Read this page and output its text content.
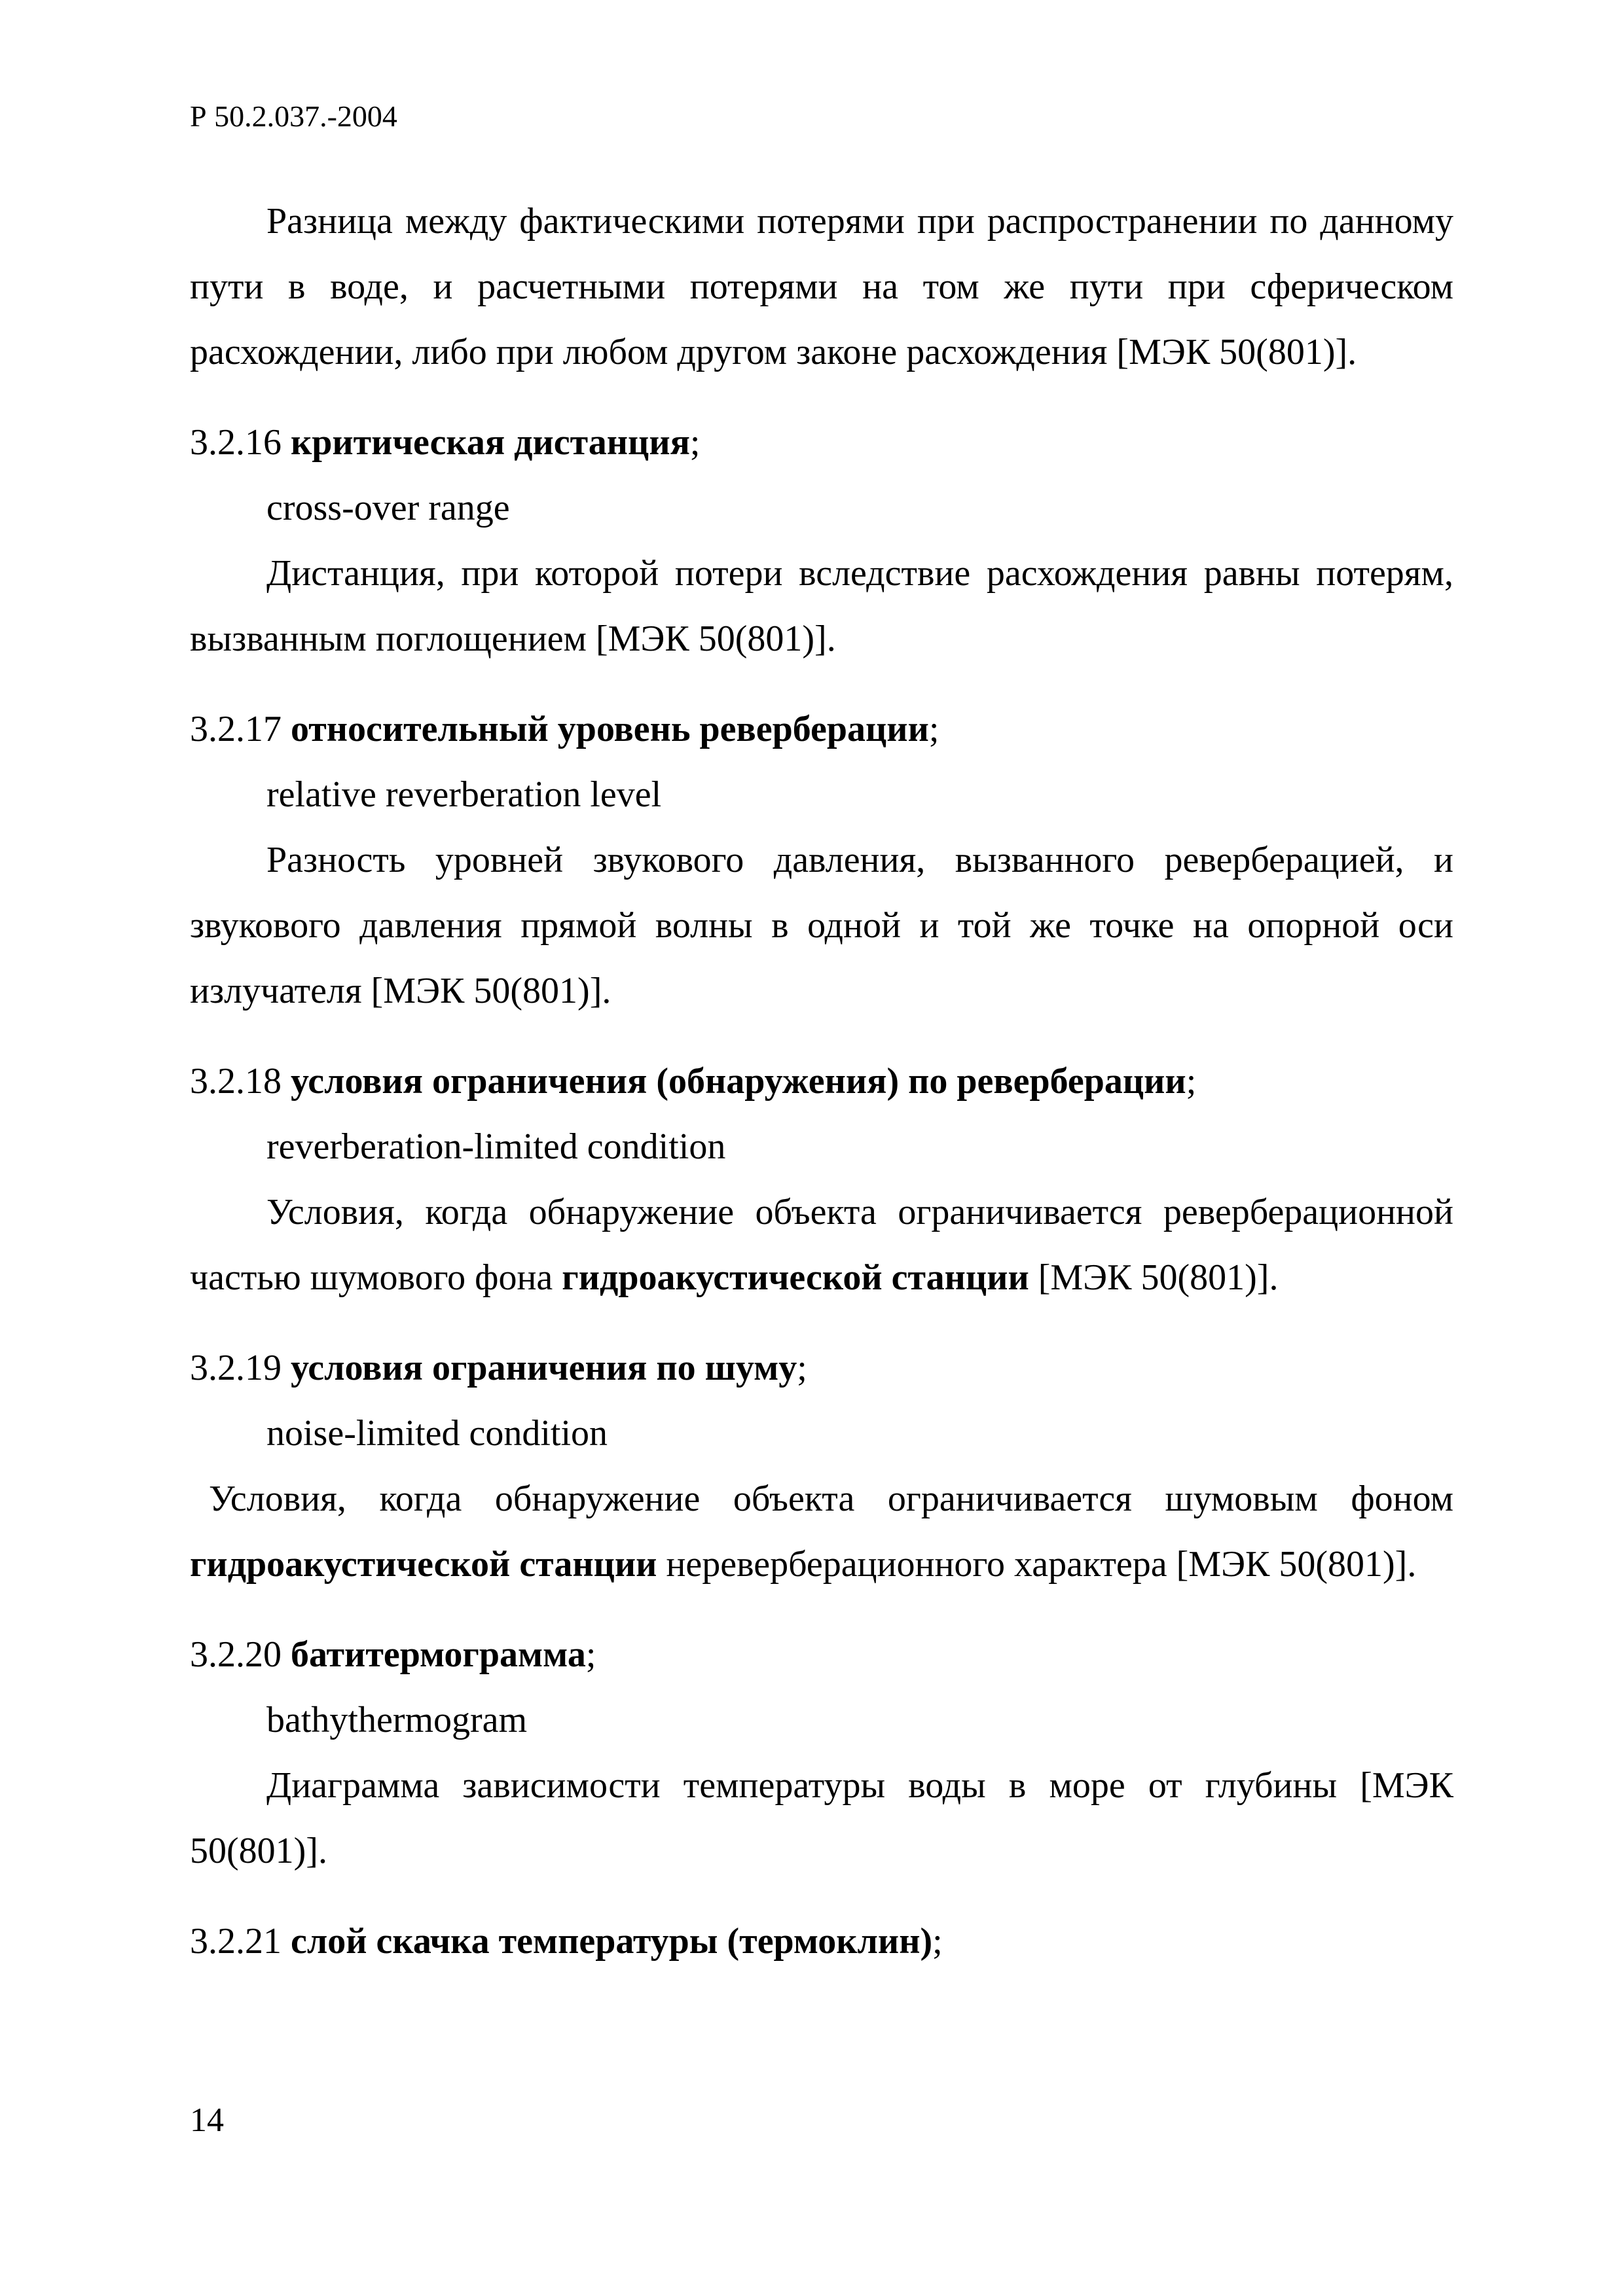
Р 50.2.037.-2004

Разница между фактическими потерями при распространении по данному пути в воде, и расчетными потерями на том же пути при сферическом расхождении, либо при любом другом законе расхождения [МЭК 50(801)].

3.2.16 критическая дистанция;

cross-over range

Дистанция, при которой потери вследствие расхождения равны потерям, вызванным поглощением [МЭК 50(801)].

3.2.17 относительный уровень реверберации;

relative reverberation level

Разность уровней звукового давления, вызванного реверберацией, и звукового давления прямой волны в одной и той же точке на опорной оси излучателя [МЭК 50(801)].

3.2.18 условия ограничения (обнаружения) по реверберации;

reverberation-limited condition

Условия, когда обнаружение объекта ограничивается реверберационной частью шумового фона гидроакустической станции [МЭК 50(801)].

3.2.19 условия ограничения по шуму;

noise-limited condition

Условия, когда обнаружение объекта ограничивается шумовым фоном гидроакустической станции нереверберационного характера [МЭК 50(801)].

3.2.20 батитермограмма;

bathythermogram

Диаграмма зависимости температуры воды в море от глубины [МЭК 50(801)].

3.2.21 слой скачка температуры (термоклин);

14
